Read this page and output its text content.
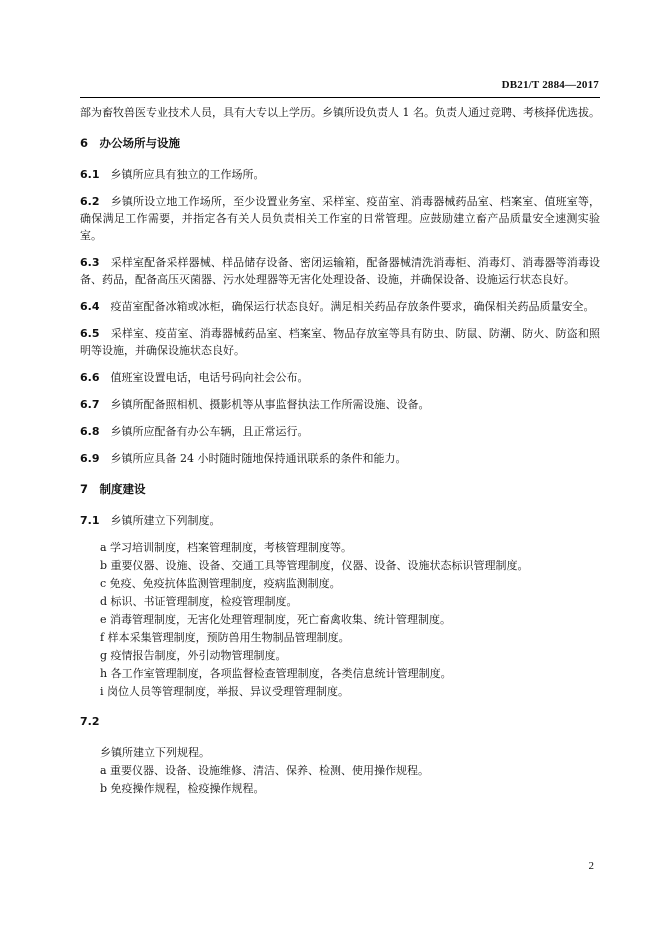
DB21/T 2884—2017

部为畜牧兽医专业技术人员，具有大专以上学历。乡镇所设负责人 1 名。负责人通过竞聘、考核择优选拔。

6　办公场所与设施

6.1　 乡镇所应具有独立的工作场所。

6.2　 乡镇所设立地工作场所，至少设置业务室、采样室、疫苗室、消毒器械药品室、档案室、值班室等，确保满足工作需要，并指定各有关人员负责相关工作室的日常管理。应鼓励建立畜产品质量安全速测实验室。

6.3　 采样室配备采样器械、样品储存设备、密闭运输箱，配备器械清洗消毒柜、消毒灯、消毒器等消毒设备、药品，配备高压灭菌器、污水处理器等无害化处理设备、设施，并确保设备、设施运行状态良好。

6.4　 疫苗室配备冰箱或冰柜，确保运行状态良好。满足相关药品存放条件要求，确保相关药品质量安全。

6.5　 采样室、疫苗室、消毒器械药品室、档案室、物品存放室等具有防虫、防鼠、防潮、防火、防盗和照明等设施，并确保设施状态良好。

6.6　 值班室设置电话，电话号码向社会公布。

6.7　 乡镇所配备照相机、摄影机等从事监督执法工作所需设施、设备。

6.8　 乡镇所应配备有办公车辆，且正常运行。

6.9　 乡镇所应具备 24 小时随时随地保持通讯联系的条件和能力。

7　制度建设

7.1　 乡镇所建立下列制度。

a 学习培训制度，档案管理制度，考核管理制度等。

b 重要仪器、设施、设备、交通工具等管理制度，仪器、设备、设施状态标识管理制度。

c 免疫、免疫抗体监测管理制度，疫病监测制度。

d 标识、书证管理制度，检疫管理制度。

e 消毒管理制度，无害化处理管理制度，死亡畜禽收集、统计管理制度。

f 样本采集管理制度，预防兽用生物制品管理制度。

g 疫情报告制度，外引动物管理制度。

h 各工作室管理制度，各项监督检查管理制度，各类信息统计管理制度。

i 岗位人员等管理制度，举报、异议受理管理制度。

7.2

乡镇所建立下列规程。

a 重要仪器、设备、设施维修、清洁、保养、检测、使用操作规程。

b 免疫操作规程，检疫操作规程。

2
